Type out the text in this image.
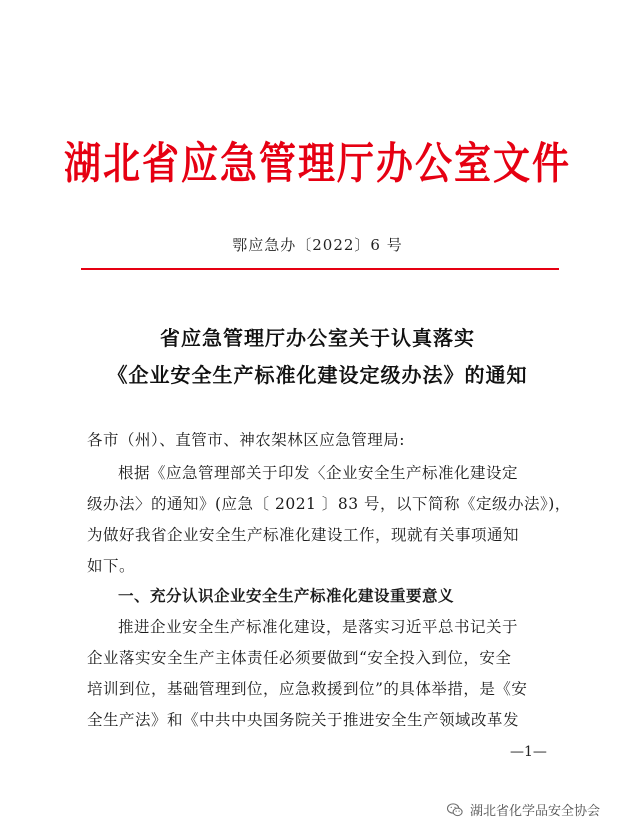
湖北省应急管理厅办公室文件
鄂应急办〔2022〕6 号
省应急管理厅办公室关于认真落实
《企业安全生产标准化建设定级办法》的通知
各市（州）、直管市、神农架林区应急管理局:
根据《应急管理部关于印发〈企业安全生产标准化建设定
级办法〉的通知》(应急〔 2021 〕83 号，以下简称《定级办法》)，
为做好我省企业安全生产标准化建设工作，现就有关事项通知
如下。
一、充分认识企业安全生产标准化建设重要意义
推进企业安全生产标准化建设，是落实习近平总书记关于
企业落实安全生产主体责任必须要做到“安全投入到位，安全
培训到位，基础管理到位，应急救援到位”的具体举措，是《安
全生产法》和《中共中央国务院关于推进安全生产领域改革发
—1—
湖北省化学品安全协会
